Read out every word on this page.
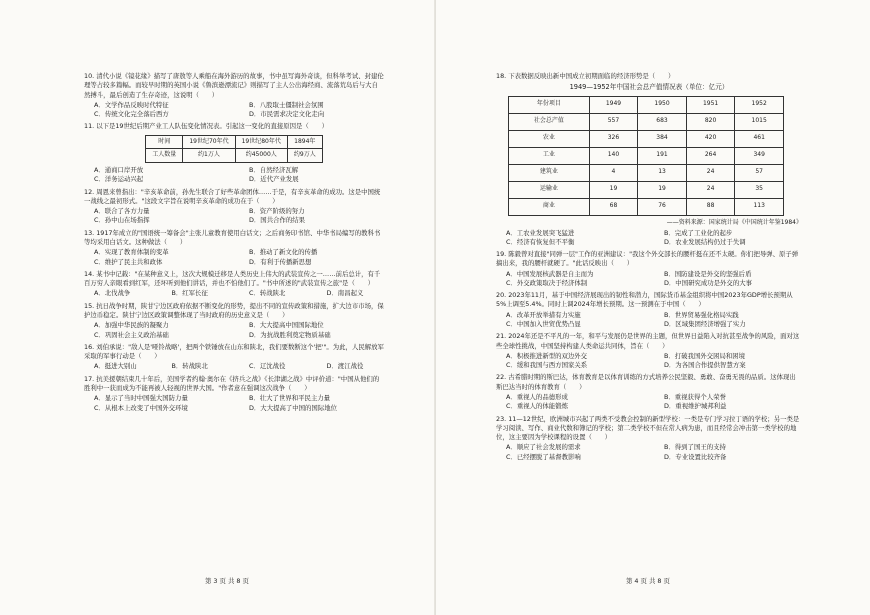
10. 清代小说《镜花缘》描写了唐敖等人乘船在海外游历的故事，书中虽写海外奇谈，但科举考试、封建伦理等占较多篇幅。而较早时期的英国小说《鲁滨逊漂流记》则描写了主人公出海经商、流落荒岛后与大自然搏斗，最后创造了生存奇迹，这说明（　　）
A．文学作品反映时代特征	B．八股取士僵制社会氛围
C．传统文化完全落后西方	D．市民需求决定文化走向
11. 以下是19世纪后期产业工人队伍变化情况表。引起这一变化的直接原因是（　　）
时间	19世纪70年代	19世纪80年代	1894年
工人数量	约1万人	约45000人	约9万人
A．通商口岸开放	B．自然经济瓦解
C．洋务运动兴起	D．近代产业发展
12. 周恩来曾指出："辛亥革命前，孙先生联合了好些革命团体……于是，有辛亥革命的成功。这是中国统一战线之最初形式。"这段文字旨在说明辛亥革命的成功在于（　　）
A．联合了各方力量	B．资产阶级的努力
C．孙中山在场指挥	D．国共合作的结果
13. 1917年成立的"国语统一筹备会"主张儿童教育使用白话文；之后商务印书馆、中华书局编写的教科书等均采用白话文。这种做法（　　）
A．实现了教育体制的变革	B．推动了新文化的传播
C．维护了民主共和政体	D．有利于传播新思想
14. 某书中记载："在某种意义上，这次大规模迁移是人类历史上伟大的武装宣传之一……前后总计，有千百万穷人亲眼看到红军，还坏听到他们讲话，并也不怕他们了。"书中所述的"武装宣传之旅"是（　　）
A．北伐战争	B．红军长征	C．转战陕北	D．南昌起义
15. 抗日战争时期，陕甘宁边区政府依据不断变化的形势，提出不同的宣传政策和措施，扩大边市市场，保护边币稳定。陕甘宁边区政策调整体现了当时政府的历史意义是（　　）
A．加强中华民族的凝聚力	B．大大提高中国国际地位
C．巩固社会主义政治基础	D．为抗战胜利奠定物质基础
16. 刘伯承说："敌人是'哑铃战略'，把两个铁锤放在山东和陕北，我们要数断这个'把'"。为此，人民解放军采取的军事行动是（　　）
A．挺进大别山	B．转战陕北	C．辽沈战役	D．渡江战役
17. 抗美援朝结束几十年后，美国学者约翰·奥尔在《挤兵之战》《长津湖之战》中评价道："中国从他们的胜利中一获而成为不能再被人轻视的世界大国。"作者意在强调这次战争（　　）
A．显示了当时中国强大国防力量	B．壮大了世界和平民主力量
C．从根本上改变了中国外交环境	D．大大提高了中国的国际地位
第 3 页 共 8 页
18. 下表数据反映出新中国成立初期面临的经济形势是（　　）
1949—1952年中国社会总产值情况表（单位：亿元）
年份项目	1949	1950	1951	1952
社会总产值	557	683	820	1015
农业	326	384	420	461
工业	140	191	264	349
建筑业	4	13	24	57
运输业	19	19	24	35
商业	68	76	88	113
——资料来源：国家统计局《中国统计年鉴1984》
A．工农业发展突飞猛进	B．完成了工业化的起步
C．经济有恢复但不平衡	D．农业发展结构仍过于失调
19. 陈毅曾对直接"同弹一层"工作的亚洲建议："我这个外交部长的腰杆挺在还不太硬。你们把导弹、原子弹搞出来，我的腰杆就硬了。"此话反映出（　　）
A．中国发展核武器是自主而为	B．国防建设是外交的坚强后盾
C．外交政策取决于经济体制	D．中国研究成功是外交的大事
20. 2023年11月，基于中国经济展现出的韧性和潜力，国际货币基金组织将中国2023年GDP增长预期从5%上调至5.4%。同时上调2024年增长预期。这一预测在于中国（　　）
A．改革开放举措有力实施	B．世界贸易强化格局实践
C．中国加入世贸优势凸显	D．区域集团经济增强了实力
21. 2024年还是不平凡的一年，和平与发展仍是世界的主题，但世界日益陷入对抗甚至战争的风险，面对这些全球性挑战，中国坚持构建人类命运共同体，旨在（　　）
A．积极推进新型的双边外交	B．打破我国外交困局和困境
C．缓和我国与西方国家关系	D．为各国合作提供智慧方案
22. 古希腊时期的斯巴达，体育教育是以体育训练的方式培养公民坚毅、勇敢、奋勇无畏的品质。这体现出斯巴达当时的体育教育（　　）
A．重视人的品德形成	B．重视获得个人荣誉
C．重视人的体能锻炼	D．重视维护城邦利益
23. 11—12世纪，欧洲城市兴起了两类不受教会控制的新型学校：一类是专门学习拉丁语的学校；另一类是学习阅读、写作、商业代数和簿记的学校；第二类学校不但在常人病为患，而且经常会冲击第一类学校的地位，这主要因为学校课程的设置（　　）
A．顺应了社会发展的需求	B．得到了国王的支持
C．已经摆脱了基督教影响	D．专业设置比较齐备
第 4 页 共 8 页
